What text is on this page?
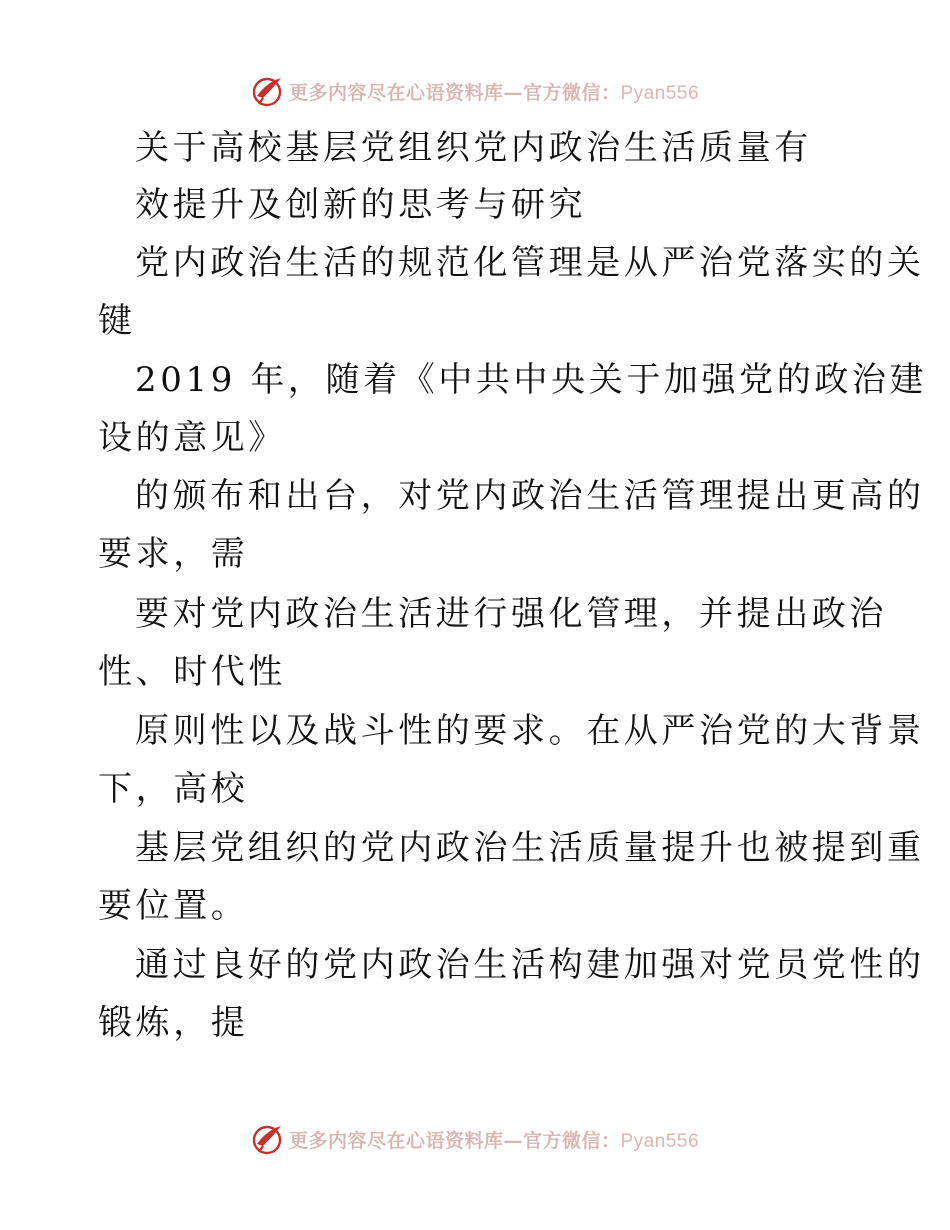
更多内容尽在心语资料库—官方微信：Pyan556
关于高校基层党组织党内政治生活质量有
效提升及创新的思考与研究
党内政治生活的规范化管理是从严治党落实的关
键
2019 年，随着《中共中央关于加强党的政治建
设的意见》
的颁布和出台，对党内政治生活管理提出更高的
要求，需
要对党内政治生活进行强化管理，并提出政治
性、时代性
原则性以及战斗性的要求。在从严治党的大背景
下，高校
基层党组织的党内政治生活质量提升也被提到重
要位置。
通过良好的党内政治生活构建加强对党员党性的
锻炼，提
更多内容尽在心语资料库—官方微信：Pyan556
